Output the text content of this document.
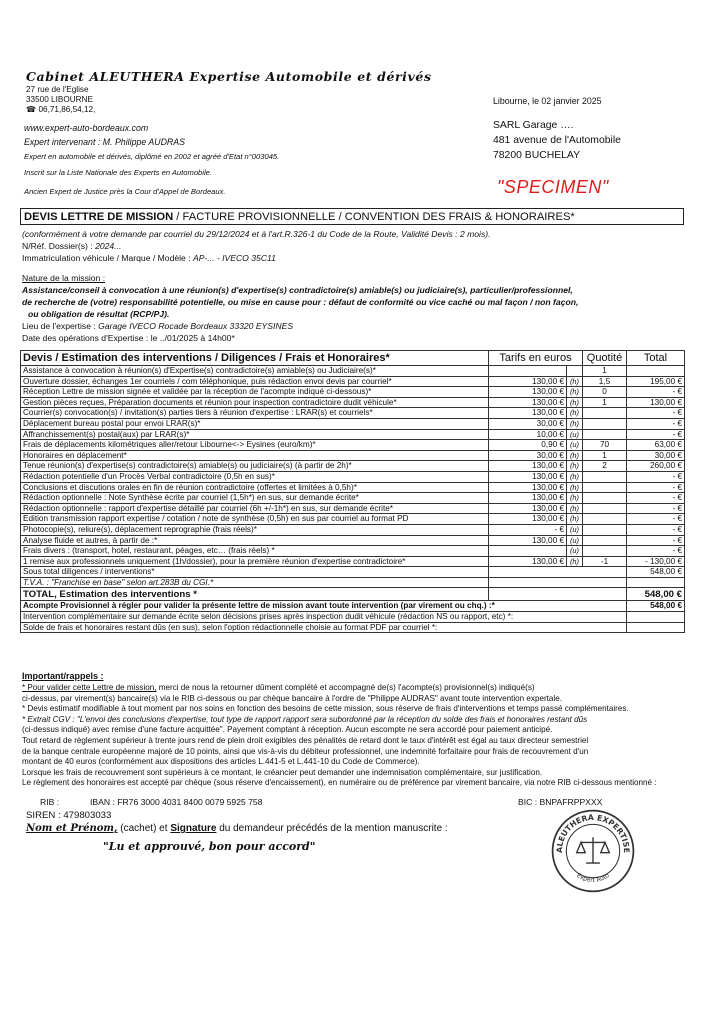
Cabinet ALEUTHERA Expertise Automobile et dérivés
27 rue de l'Eglise
33500 LIBOURNE
☎ 06,71,86,54,12,
www.expert-auto-bordeaux.com
Expert intervenant : M. Philippe AUDRAS
Expert en automobile et dérivés, diplômé en 2002 et agréé d'Etat n°003045.
Inscrit sur la Liste Nationale des Experts en Automobile.
Ancien Expert de Justice près la Cour d'Appel de Bordeaux.
Libourne, le 02 janvier 2025
SARL Garage ….
481 avenue de l'Automobile
78200 BUCHELAY
"SPECIMEN"
DEVIS LETTRE DE MISSION / FACTURE PROVISIONNELLE / CONVENTION DES FRAIS & HONORAIRES*
(conformément à votre demande par courriel du 29/12/2024 et à l'art.R.326-1 du Code de la Route, Validité Devis : 2 mois).
N/Réf. Dossier(s) : 2024...
Immatriculation véhicule / Marque / Modèle : AP-... - IVECO 35C11
Nature de la mission :
Assistance/conseil à convocation à une réunion(s) d'expertise(s) contradictoire(s) amiable(s) ou judiciaire(s), particulier/professionnel,
de recherche de (votre) responsabilité potentielle, ou mise en cause pour : défaut de conformité ou vice caché ou mal façon / non façon,
ou obligation de résultat (RCP/PJ).
Lieu de l'expertise : Garage IVECO Rocade Bordeaux 33320 EYSINES
Date des opérations d'Expertise : le ../01/2025 à 14h00*
Devis / Estimation des interventions / Diligences / Frais et Honoraires*	Tarifs en euros		Quotité	Total
Assistance à convocation à réunion(s) d'Expertise(s) contradictoire(s) amiable(s) ou Judiciaire(s)*			1	
Ouverture dossier, échanges 1er courriels / com téléphonique, puis rédaction envoi devis par courriel*	130,00 €	(h)	1,5	195,00 €
Réception Lettre de mission signée et validée par la réception de l'acompte indiqué ci-dessous)*	130,00 €	(h)	0	- €
Gestion pièces reçues, Préparation documents et réunion pour inspection contradictoire dudit véhicule*	130,00 €	(h)	1	130,00 €
Courrier(s) convocation(s) / invitation(s) parties tiers à réunion d'expertise : LRAR(s) et courriels*	130,00 €	(h)		- €
Déplacement bureau postal pour envoi LRAR(s)*	30,00 €	(h)		- €
Affranchissement(s) postal(aux) par LRAR(s)*	10,00 €	(u)		- €
Frais de déplacements kilométriques aller/retour Libourne<-> Eysines (euro/km)*	0,90 €	(u)	70	63,00 €
Honoraires en déplacement*	30,00 €	(h)	1	30,00 €
Tenue réunion(s) d'expertise(s) contradictoire(s) amiable(s) ou judiciaire(s) (à partir de 2h)*	130,00 €	(h)	2	260,00 €
Rédaction potentielle d'un Procès Verbal contradictoire (0,5h en sus)*	130,00 €	(h)		- €
Conclusions et discutions orales en fin de réunion contradictoire (offertes et limitées à 0,5h)*	130,00 €	(h)		- €
Rédaction optionnelle : Note Synthèse écrite par courriel (1,5h*) en sus, sur demande écrite*	130,00 €	(h)		- €
Rédaction optionnelle : rapport d'expertise détaillé par courriel (6h +/-1h*) en sus, sur demande écrite*	130,00 €	(h)		- €
Edition transmission rapport expertise / cotation / note de synthèse (0,5h) en sus par courriel au format PD	130,00 €	(h)		- €
Photocopie(s), reliure(s), déplacement reprographie (frais réels)*	- €	(u)		- €
Analyse fluide et autres, à partir de :*	130,00 €	(u)		- €
Frais divers : (transport, hotel, restaurant, péages, etc… (frais réels) *		(u)		- €
1 remise aux professionnels uniquement (1h/dossier), pour la première réunion d'expertise contradictoire*	130,00 €	(h)	-1	- 130,00 €
Sous total diligences / interventions*				548,00 €
T.V.A. : "Franchise en base" selon art.283B du CGI.*				
TOTAL, Estimation des interventions *				548,00 €
Acompte Provisionnel à régler pour valider la présente lettre de mission avant toute intervention (par virement ou chq.) :*				548,00 €
Intervention complémentaire sur demande écrite selon décisions prises après inspection dudit véhicule (rédaction NS ou rapport, etc) *:				
Solde de frais et honoraires restant dûs (en sus), selon l'option rédactionnelle choisie au format PDF par courriel *:				
Important/rappels :

* Pour valider cette Lettre de mission, merci de nous la retourner dûment complété et accompagné de(s) l'acompte(s) provisionnel(s) indiqué(s)

ci-dessus, par virement(s) bancaire(s) via le RIB ci-dessous ou par chèque bancaire à l'ordre de "Philippe AUDRAS" avant toute intervention expertale.

* Devis estimatif modifiable à tout moment par nos soins en fonction des besoins de cette mission, sous réserve de frais d'interventions et temps passé complémentaires.

* Extrait CGV : "L'envoi des conclusions d'expertise, tout type de rapport rapport sera subordonné par la réception du solde des frais et honoraires restant dûs

(ci-dessus indiqué) avec remise d'une facture acquittée". Payement comptant à réception. Aucun escompte ne sera accordé pour paiement anticipé.

Tout retard de règlement supérieur à trente jours rend de plein droit exigibles des pénalités de retard dont le taux d'intérêt est égal au taux directeur semestriel

de la banque centrale européenne majoré de 10 points, ainsi que vis-à-vis du débiteur professionnel, une indemnité forfaitaire pour frais de recouvrement d'un

montant de 40 euros (conformément aux dispositions des articles L.441-5 et L.441-10 du Code de Commerce).

Lorsque les frais de recouvrement sont supérieurs à ce montant, le créancier peut demander une indemnisation complémentaire, sur justification.

Le règlement des honoraires est accepté par chèque (sous réserve d'encaissement), en numéraire ou de préférence par virement bancaire, via notre RIB ci-dessous mentionné :

RIB :	IBAN : FR76 3000 4031 8400 0079 5925 758	BIC : BNPAFRPPXXX
SIREN : 479803033
Nom et Prénom, (cachet) et Signature du demandeur précédés de la mention manuscrite :
"Lu et approuvé, bon pour accord"	ALEUTHERA EXPERTISE
Expert Auto
